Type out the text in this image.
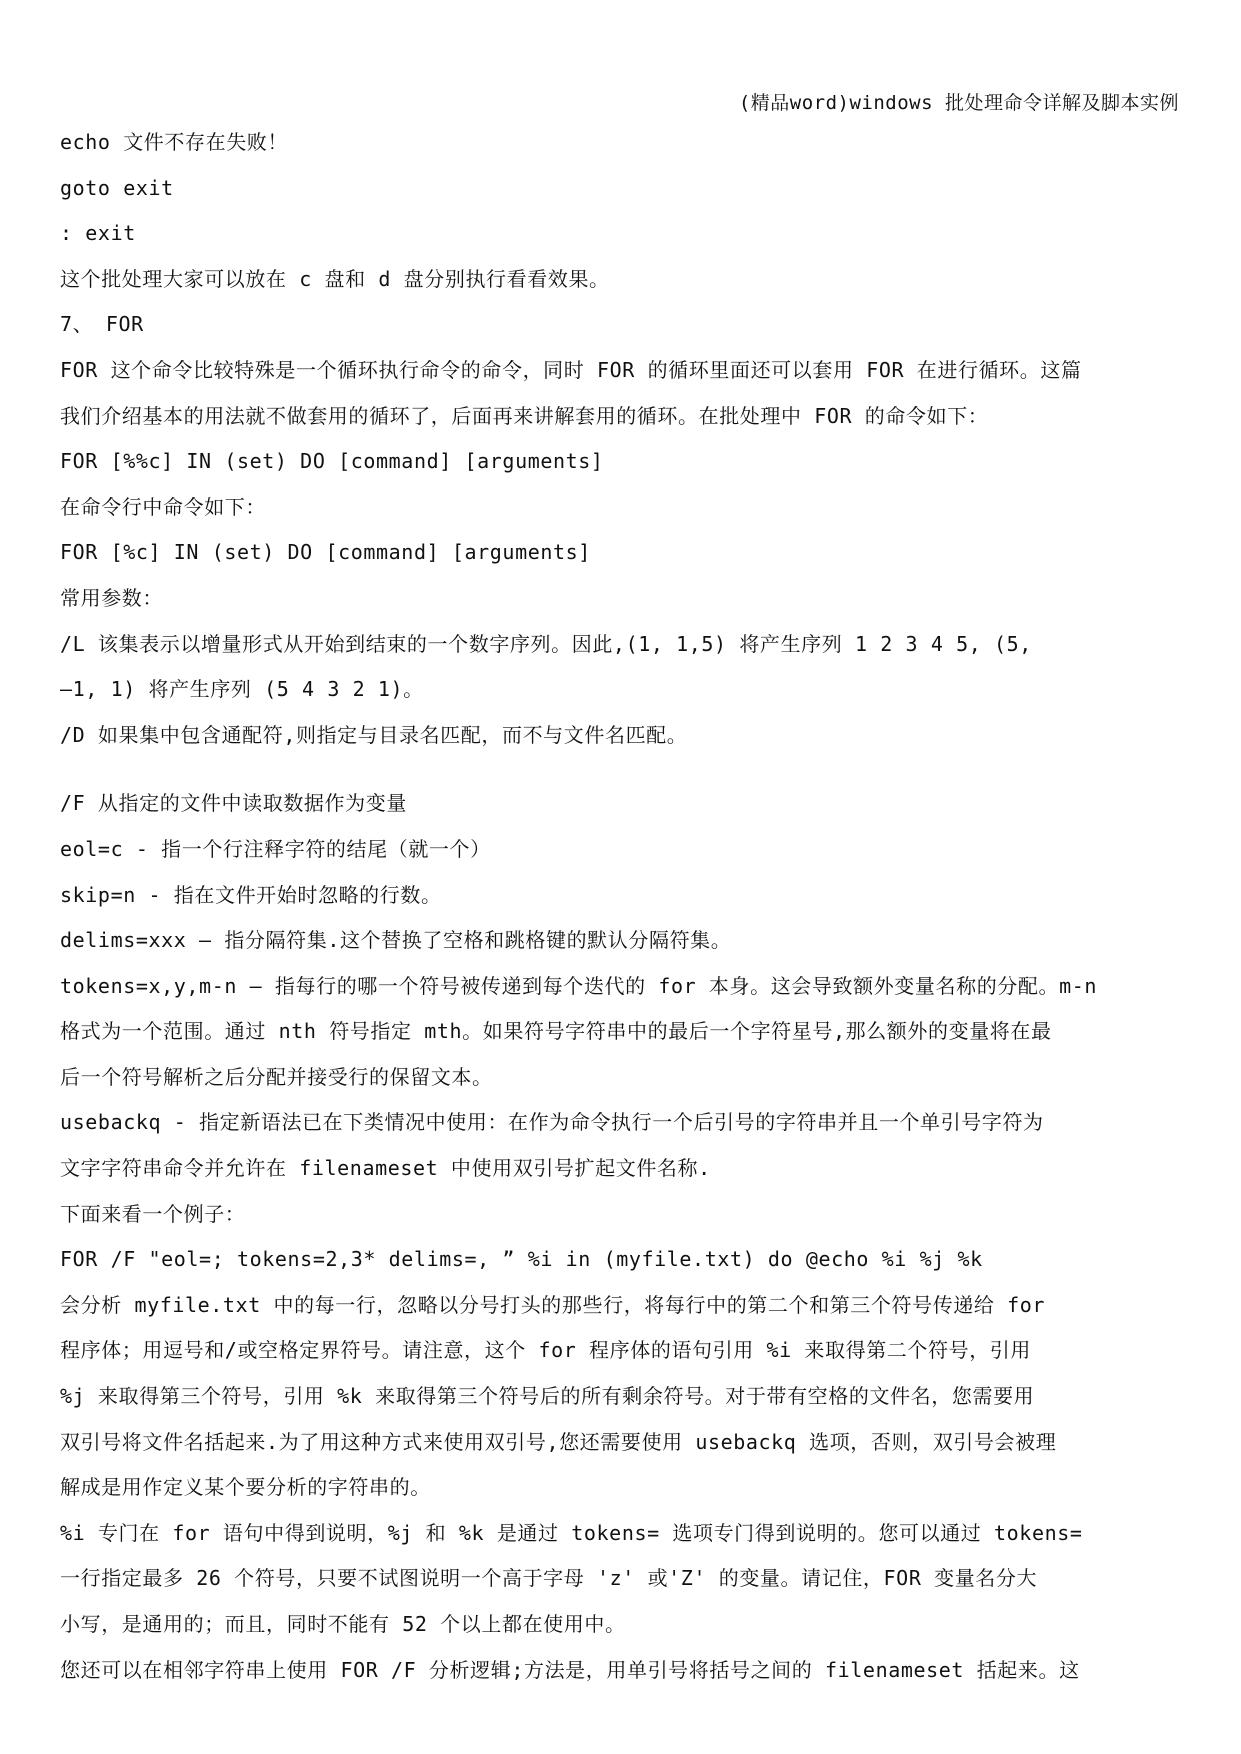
(精品word)windows 批处理命令详解及脚本实例
echo 文件不存在失败！
goto exit
: exit
这个批处理大家可以放在 c 盘和 d 盘分别执行看看效果。
7、 FOR
FOR 这个命令比较特殊是一个循环执行命令的命令，同时 FOR 的循环里面还可以套用 FOR 在进行循环。这篇
我们介绍基本的用法就不做套用的循环了，后面再来讲解套用的循环。在批处理中 FOR 的命令如下：
FOR [%%c] IN (set) DO [command] [arguments]
在命令行中命令如下：
FOR [%c] IN (set) DO [command] [arguments]
常用参数：
/L 该集表示以增量形式从开始到结束的一个数字序列。因此,(1, 1,5) 将产生序列 1 2 3 4 5, (5,
—1, 1) 将产生序列 (5 4 3 2 1)。
/D 如果集中包含通配符,则指定与目录名匹配，而不与文件名匹配。
/F 从指定的文件中读取数据作为变量
eol=c - 指一个行注释字符的结尾（就一个）
skip=n - 指在文件开始时忽略的行数。
delims=xxx — 指分隔符集.这个替换了空格和跳格键的默认分隔符集。
tokens=x,y,m-n — 指每行的哪一个符号被传递到每个迭代的 for 本身。这会导致额外变量名称的分配。m-n
格式为一个范围。通过 nth 符号指定 mth。如果符号字符串中的最后一个字符星号,那么额外的变量将在最
后一个符号解析之后分配并接受行的保留文本。
usebackq - 指定新语法已在下类情况中使用：在作为命令执行一个后引号的字符串并且一个单引号字符为
文字字符串命令并允许在 filenameset 中使用双引号扩起文件名称.
下面来看一个例子：
FOR /F "eol=; tokens=2,3* delims=, ” %i in (myfile.txt) do @echo %i %j %k
会分析 myfile.txt 中的每一行，忽略以分号打头的那些行，将每行中的第二个和第三个符号传递给 for
程序体；用逗号和/或空格定界符号。请注意，这个 for 程序体的语句引用 %i 来取得第二个符号，引用
%j 来取得第三个符号，引用 %k 来取得第三个符号后的所有剩余符号。对于带有空格的文件名，您需要用
双引号将文件名括起来.为了用这种方式来使用双引号,您还需要使用 usebackq 选项，否则，双引号会被理
解成是用作定义某个要分析的字符串的。
%i 专门在 for 语句中得到说明，%j 和 %k 是通过 tokens= 选项专门得到说明的。您可以通过 tokens=
一行指定最多 26 个符号，只要不试图说明一个高于字母 'z' 或'Z' 的变量。请记住，FOR 变量名分大
小写，是通用的；而且，同时不能有 52 个以上都在使用中。
您还可以在相邻字符串上使用 FOR /F 分析逻辑;方法是，用单引号将括号之间的 filenameset 括起来。这
